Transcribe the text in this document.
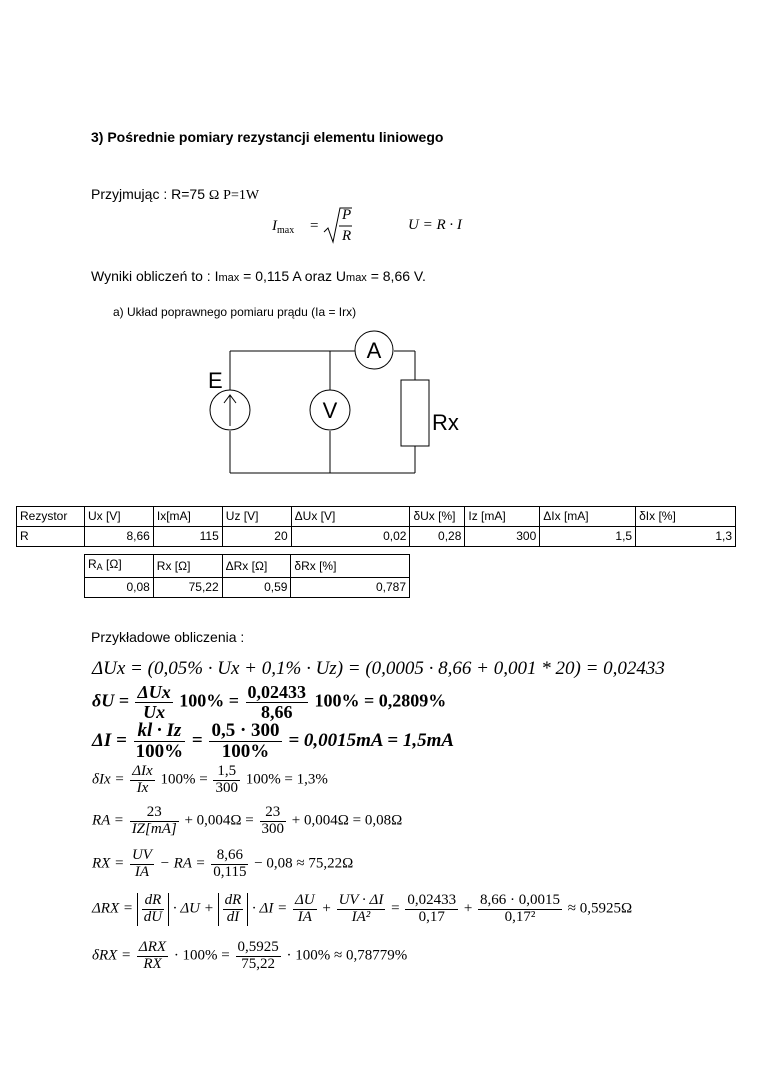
3) Pośrednie pomiary rezystancji elementu liniowego
Przyjmując : R=75 Ω P=1W
$I_{max}$ =
P
R
U = R · I
Wyniki obliczeń to : Imax = 0,115 A oraz Umax = 8,66 V.
a) Układ poprawnego pomiaru prądu (Ia = Irx)
E
A
V	Rx
Rezystor	Ux [V]	Ix[mA]	Uz [V]	ΔUx [V]	δUx [%]	Iz [mA]	ΔIx [mA]	δIx [%]
R	8,66	115	20	0,02	0,28	300	1,5	1,3
RA [Ω]	Rx [Ω]	ΔRx [Ω]	δRx [%]
0,08	75,22	0,59	0,787
Przykładowe obliczenia :
ΔUx = (0,05% · Ux + 0,1% · Uz) = (0,0005 · 8,66 + 0,001 * 20) = 0,02433
$\delta U = \frac{\text{ΔUx}}{Ux} 100\% = \frac{0,02433}{8,66} 100\% = 0,2809\%$
$\Delta I = \frac{kl \cdot Iz}{100\%} = \frac{0,5 \cdot 300}{100\%} = 0,0015mA = 1,5mA$
$\delta Ix = \frac{\text{ΔIx}}{Ix} 100\% = \frac{1,5}{300} 100\% = 1,3\%$
RA = $\frac{23}{IZ[mA]} + 0,004\Omega = \frac{23}{300} + 0,004\Omega = 0,08\Omega$
RX = $\frac{UV}{IA}$ − RA = $\frac{8,66}{0,115} - 0,08 \approx 75,22\Omega$
$\Delta RX = \frac{dR}{dU} \cdot \Delta U + \frac{dR}{dI} \cdot \Delta I = \frac{\Delta U}{IA} + \frac{UV \cdot \Delta I}{\text{IA²}} = \frac{0,02433}{0,17} + \frac{8,66 \cdot 0,0015}{\text{0,17²}} \approx 0,5925\Omega$
$\delta RX = \frac{\text{ΔRX}}{RX} \cdot 100\% = \frac{0,5925}{75,22} \cdot 100\% \approx 0,78779\%$
